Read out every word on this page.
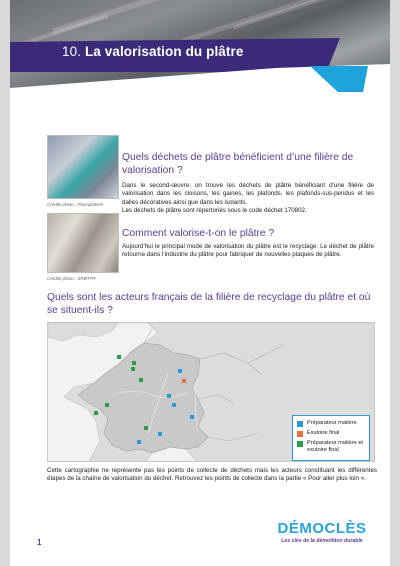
10. La valorisation du plâtre
Crédits photo : Placoplâtre®
Quels déchets de plâtre bénéficient d’une filière de valorisation ?
Dans le second-œuvre, on trouve les déchets de plâtre bénéficiant d’une filière de valorisation dans les cloisons, les gaines, les plafonds, les plafonds-sus-pendus et les dalles décoratives ainsi que dans les isolants.
Les déchets de plâtre sont répertoriés sous le code déchet 170802.
Crédits photo : SRBTP®
Comment valorise-t-on le plâtre ?
Aujourd’hui le principal mode de valorisation du plâtre est le recyclage. Le déchet de plâtre retourne dans l’industrie du plâtre pour fabriquer de nouvelles plaques de plâtre.
Quels sont les acteurs français de la filière de recyclage du plâtre et où se situent-ils ?
Préparateur matière
Exutoire final
Préparateur matière et exutoire final
Cette cartographie ne représente pas les points de collecte de déchets mais les acteurs constituant les différentes étapes de la chaîne de valorisation du déchet. Retrouvez les points de collecte dans la partie « Pour aller plus loin ».
1
DÉMOCLÈS
Les clés de la démolition durable
